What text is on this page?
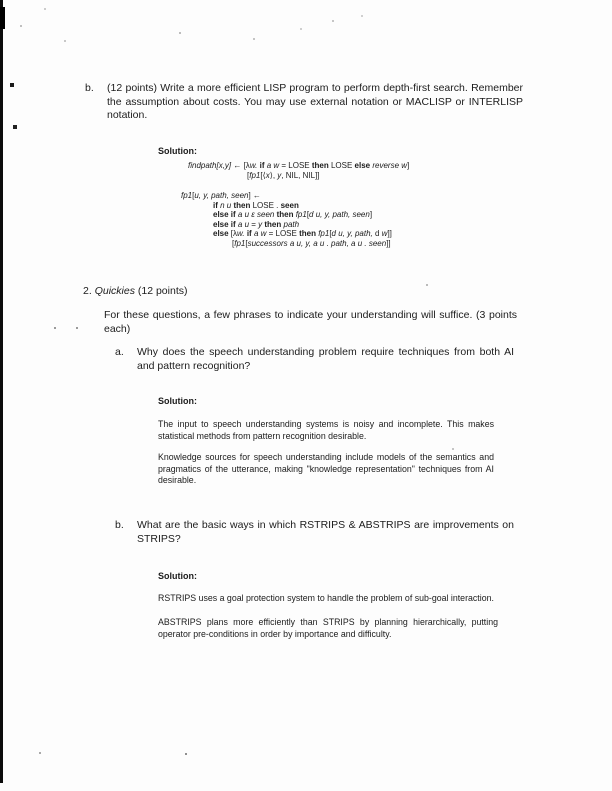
b.	(12 points) Write a more efficient LISP program to perform depth-first search. Remember the assumption about costs. You may use external notation or MACLISP or INTERLISP notation.

Solution:
findpath[x,y] ← [λw. if a w = LOSE then LOSE else reverse w]
[fp1[⟨x⟩, y, NIL, NIL]]
fp1[u, y, path, seen] ←
if n u then LOSE . seen
else if a u ε seen then fp1[d u, y, path, seen]
else if a u = y then path
else [λw. if a w = LOSE then fp1[d u, y, path, d w]]
[fp1[successors a u, y, a u . path, a u . seen]]
2. Quickies (12 points)

For these questions, a few phrases to indicate your understanding will suffice. (3 points each)

a.	Why does the speech understanding problem require techniques from both AI and pattern recognition?

Solution:

The input to speech understanding systems is noisy and incomplete. This makes statistical methods from pattern recognition desirable.

Knowledge sources for speech understanding include models of the semantics and pragmatics of the utterance, making "knowledge representation" techniques from AI desirable.

b.	What are the basic ways in which RSTRIPS & ABSTRIPS are improvements on STRIPS?

Solution:

RSTRIPS uses a goal protection system to handle the problem of sub-goal interaction.

ABSTRIPS plans more efficiently than STRIPS by planning hierarchically, putting operator pre-conditions in order by importance and difficulty.
